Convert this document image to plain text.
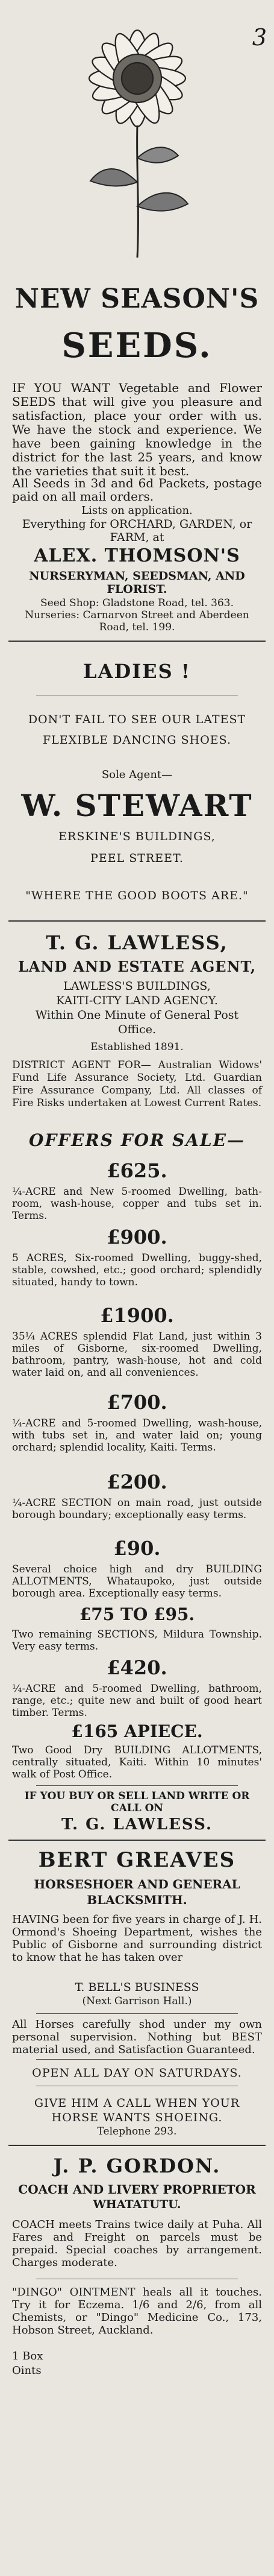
3

NEW SEASON'S

SEEDS.

IF YOU WANT Vegetable and Flower SEEDS that will give you pleasure and satisfaction, place your order with us. We have the stock and experience. We have been gaining knowledge in the district for the last 25 years, and know the varieties that suit it best.

All Seeds in 3d and 6d Packets, postage paid on all mail orders.

Lists on application.

Everything for ORCHARD, GARDEN, or FARM, at

ALEX. THOMSON'S

NURSERYMAN, SEEDSMAN, AND FLORIST.

Seed Shop: Gladstone Road, tel. 363.

Nurseries: Carnarvon Street and Aberdeen Road, tel. 199.

LADIES !

DON'T FAIL TO SEE OUR LATEST

FLEXIBLE DANCING SHOES.

Sole Agent—

W. STEWART

ERSKINE'S BUILDINGS,

PEEL STREET.

"WHERE THE GOOD BOOTS ARE."

T. G. LAWLESS,

LAND AND ESTATE AGENT,

LAWLESS'S BUILDINGS,

KAITI-CITY LAND AGENCY.

Within One Minute of General Post

Office.

Established 1891.

DISTRICT AGENT FOR— Australian Widows' Fund Life Assurance Society, Ltd. Guardian Fire Assurance Company, Ltd. All classes of Fire Risks undertaken at Lowest Current Rates.

OFFERS FOR SALE—

£625.

¼-ACRE and New 5-roomed Dwelling, bath-room, wash-house, copper and tubs set in. Terms.

£900.

5 ACRES, Six-roomed Dwelling, buggy-shed, stable, cowshed, etc.; good orchard; splendidly situated, handy to town.

£1900.

35¼ ACRES splendid Flat Land, just within 3 miles of Gisborne, six-roomed Dwelling, bathroom, pantry, wash-house, hot and cold water laid on, and all conveniences.

£700.

¼-ACRE and 5-roomed Dwelling, wash-house, with tubs set in, and water laid on; young orchard; splendid locality, Kaiti. Terms.

£200.

¼-ACRE SECTION on main road, just outside borough boundary; exceptionally easy terms.

£90.

Several choice high and dry BUILDING ALLOTMENTS, Whataupoko, just outside borough area. Exceptionally easy terms.

£75 TO £95.

Two remaining SECTIONS, Mildura Township. Very easy terms.

£420.

¼-ACRE and 5-roomed Dwelling, bathroom, range, etc.; quite new and built of good heart timber. Terms.

£165 APIECE.

Two Good Dry BUILDING ALLOTMENTS, centrally situated, Kaiti. Within 10 minutes' walk of Post Office.

IF YOU BUY OR SELL LAND WRITE OR CALL ON

T. G. LAWLESS.

BERT GREAVES

HORSESHOER AND GENERAL

BLACKSMITH.

HAVING been for five years in charge of J. H. Ormond's Shoeing Department, wishes the Public of Gisborne and surrounding district to know that he has taken over

T. BELL'S BUSINESS

(Next Garrison Hall.)

All Horses carefully shod under my own personal supervision. Nothing but BEST material used, and Satisfaction Guaranteed.

OPEN ALL DAY ON SATURDAYS.

GIVE HIM A CALL WHEN YOUR

HORSE WANTS SHOEING.

Telephone 293.

J. P. GORDON.

COACH AND LIVERY PROPRIETOR

WHATATUTU.

COACH meets Trains twice daily at Puha. All Fares and Freight on parcels must be prepaid. Special coaches by arrangement. Charges moderate.

"DINGO" OINTMENT heals all it touches. Try it for Eczema. 1/6 and 2/6, from all Chemists, or "Dingo" Medicine Co., 173, Hobson Street, Auckland.

1 Box

Oints
